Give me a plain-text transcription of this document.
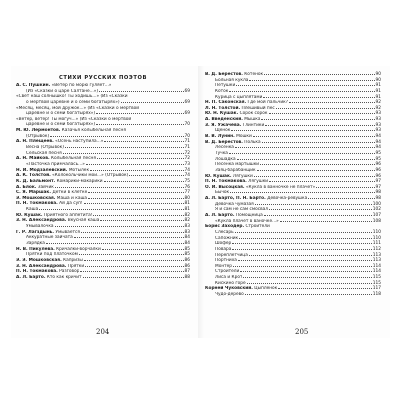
СТИХИ РУССКИХ ПОЭТОВ
А. С. Пушкин. «Ветер по морю гуляет...»
(Из «Сказки о царе Салтане...»)	69
«Свет наш солнышко! Ты ходишь...» (Из «Сказки
о мёртвой царевне и о семи богатырях»)	69
«Месяц, месяц, мой дружок...» (Из «Сказки о мёртвой
царевне и о семи богатырях»)	69
«Ветер, ветер! Ты могуч...» (Из «Сказки о мёртвой
царевне и о семи богатырях»)	70
М. Ю. Лермонтов. Казачья колыбельная песня
(Отрывок)	70
А. Н. Плещеев. «Осень наступила...»	71
Весна (Отрывок)	71
Сельская песня	72
А. Н. Майков. Колыбельная песня	72
«Ласточка примчалась...»	73
Н. И. Модзалевский. Мотылёк	74
А. К. Толстой. «Колокольчики мои...» (Отрывок)	74
К. Д. Бальмонт. Комарики-макарики	75
А. Блок. Зайчик	76
С. Я. Маршак. Детки в клетке	77
Э. Мошковская. Маша и каша	80
П. Н. Токмакова. Ай да суп!	81
Каша	81
Ю. Кушак. Приятного аппетита!	82
З. Н. Александрова. Вкусная каша	82
Умывалочка	83
Г. Р. Лагздынь. Умывается	83
Аккуратные зайчата	84
Зарядка	84
Н. В. Пикулева. Кричалки-ворчалки	85
Прятки под платочком	85
Э. Э. Мошковская. Капризы	86
З. Н. Александрова. Прятки	86
П. Н. Токмакова. Разговор	87
А. Л. Барто. Кто как кричит	88
В. Д. Берестов. Котёнок	90
Больная кукла	90
Петушки	91
Коток	91
Курица с цыплятами	91
Н. П. Саконская. Где мой пальчик?	92
Л. Н. Толстой. Плешивый пёс	92
Ю. Н. Кушак. Сорок сорок	93
А. Введенский. Мышка	93
З. Я. Ужачёва. Глинтики	93
Щенок	93
В. В. Лунин. Мошки	94
В. Д. Берестов. Полька	94
Лёсенка	94
Тучка	95
Лошадка	95
Песенка мартышки	96
Заяц-барабанщик	96
Ю. Кушак. Лягушки	96
П. Н. Токмакова. Лягушки	97
О. И. Высоцкая. «Кукла в ванночке не плачет»	97
Бычок	98
А. Л. Барто, П. Н. Барто. Девочка-рёвушка	98
Девочка чумазая	100
Я и сам не сам смосвал	102
А. Л. Барто. Помощница	107
«Кукла плачет в ваночке...»	108
Борис Заходер. Строители
Слесарь	110
Сапожник	110
Шофёр	111
Повара	112
Переплётчица	113
Портниха	113
Монтёр	114
Строители	114
Лиса и Крот	115
Кискино горе	115
Корней Чуковский. Цыплёнок	117
Чудо-дерево	118
204	205
